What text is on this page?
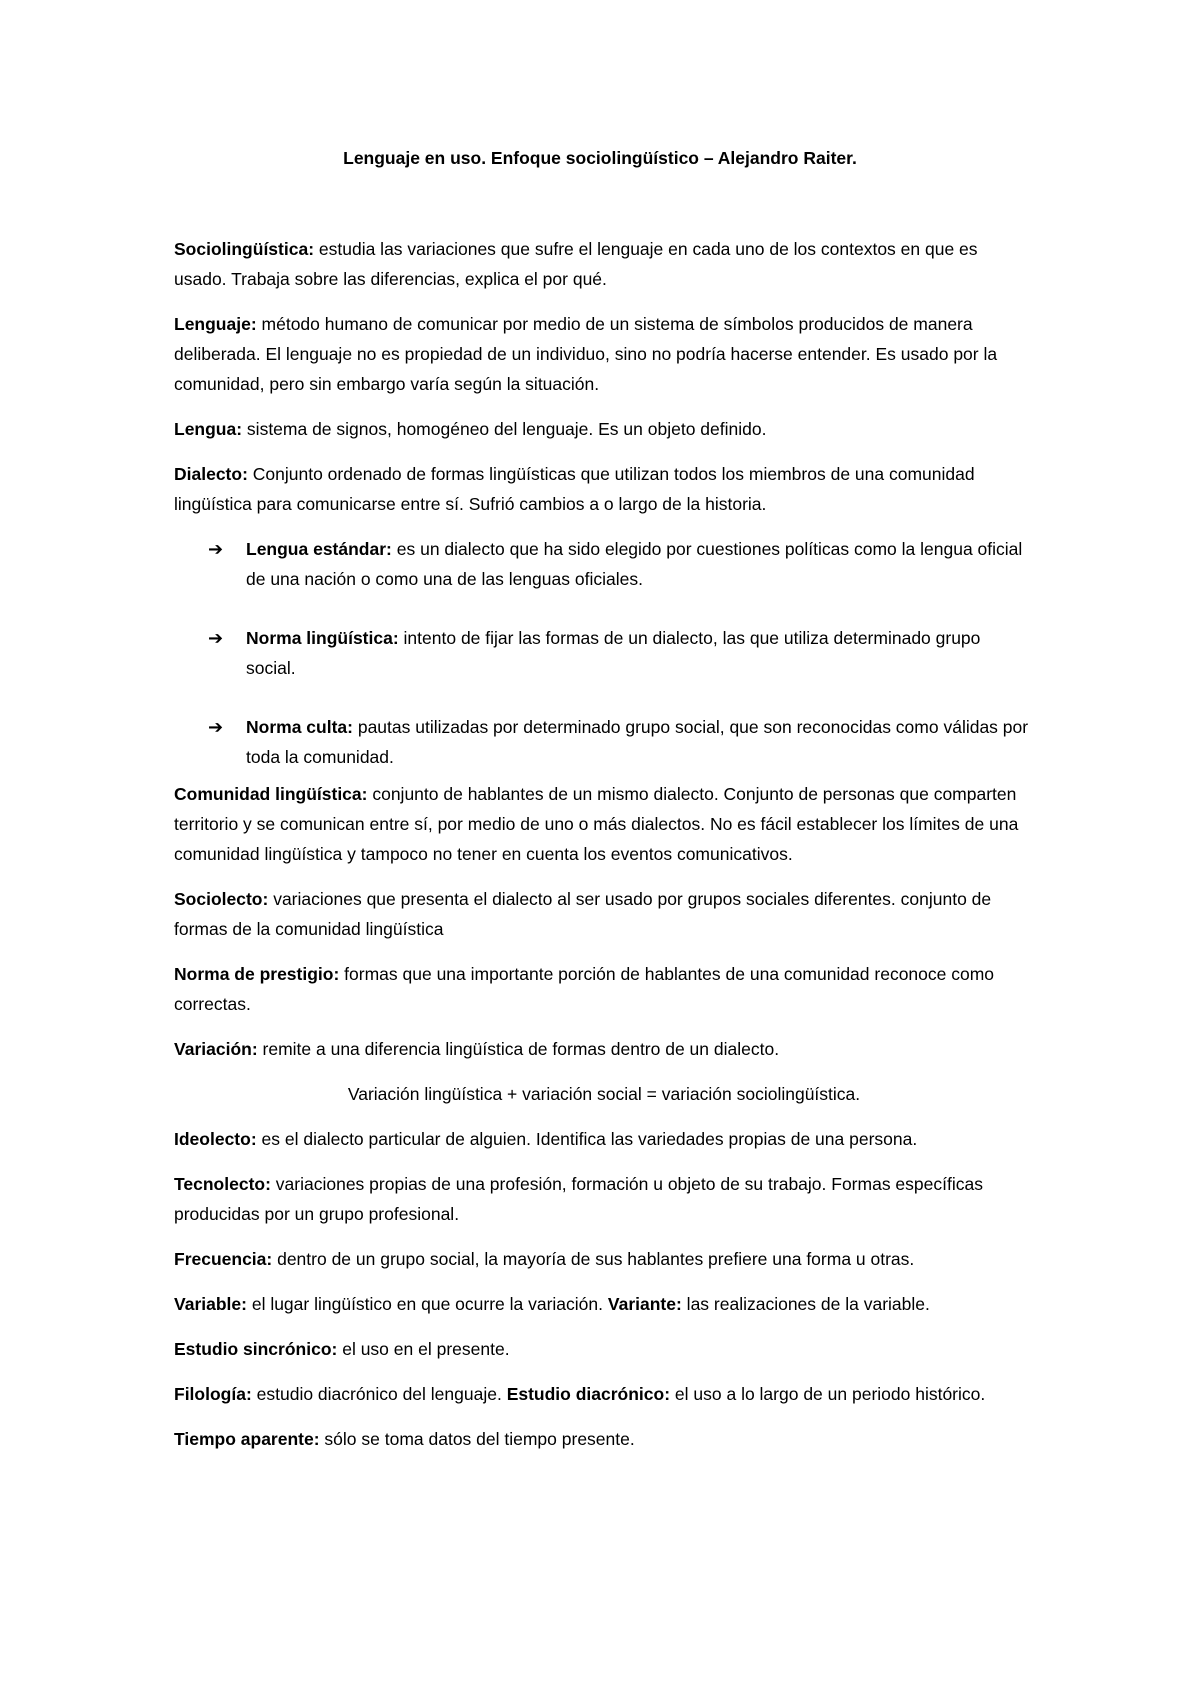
Lenguaje en uso. Enfoque sociolingüístico – Alejandro Raiter.

Sociolingüística: estudia las variaciones que sufre el lenguaje en cada uno de los contextos en que es usado. Trabaja sobre las diferencias, explica el por qué.

Lenguaje: método humano de comunicar por medio de un sistema de símbolos producidos de manera deliberada. El lenguaje no es propiedad de un individuo, sino no podría hacerse entender. Es usado por la comunidad, pero sin embargo varía según la situación.

Lengua: sistema de signos, homogéneo del lenguaje. Es un objeto definido.

Dialecto: Conjunto ordenado de formas lingüísticas que utilizan todos los miembros de una comunidad lingüística para comunicarse entre sí. Sufrió cambios a o largo de la historia.

➔ Lengua estándar: es un dialecto que ha sido elegido por cuestiones políticas como la lengua oficial de una nación o como una de las lenguas oficiales.
➔ Norma lingüística: intento de fijar las formas de un dialecto, las que utiliza determinado grupo social.
➔ Norma culta: pautas utilizadas por determinado grupo social, que son reconocidas como válidas por toda la comunidad.

Comunidad lingüística: conjunto de hablantes de un mismo dialecto. Conjunto de personas que comparten territorio y se comunican entre sí, por medio de uno o más dialectos. No es fácil establecer los límites de una comunidad lingüística y tampoco no tener en cuenta los eventos comunicativos.

Sociolecto: variaciones que presenta el dialecto al ser usado por grupos sociales diferentes. conjunto de formas de la comunidad lingüística

Norma de prestigio: formas que una importante porción de hablantes de una comunidad reconoce como correctas.

Variación: remite a una diferencia lingüística de formas dentro de un dialecto.

Variación lingüística + variación social = variación sociolingüística.

Ideolecto: es el dialecto particular de alguien. Identifica las variedades propias de una persona.

Tecnolecto: variaciones propias de una profesión, formación u objeto de su trabajo. Formas específicas producidas por un grupo profesional.

Frecuencia: dentro de un grupo social, la mayoría de sus hablantes prefiere una forma u otras.

Variable: el lugar lingüístico en que ocurre la variación. Variante: las realizaciones de la variable.

Estudio sincrónico: el uso en el presente.

Filología: estudio diacrónico del lenguaje. Estudio diacrónico: el uso a lo largo de un periodo histórico.

Tiempo aparente: sólo se toma datos del tiempo presente.
